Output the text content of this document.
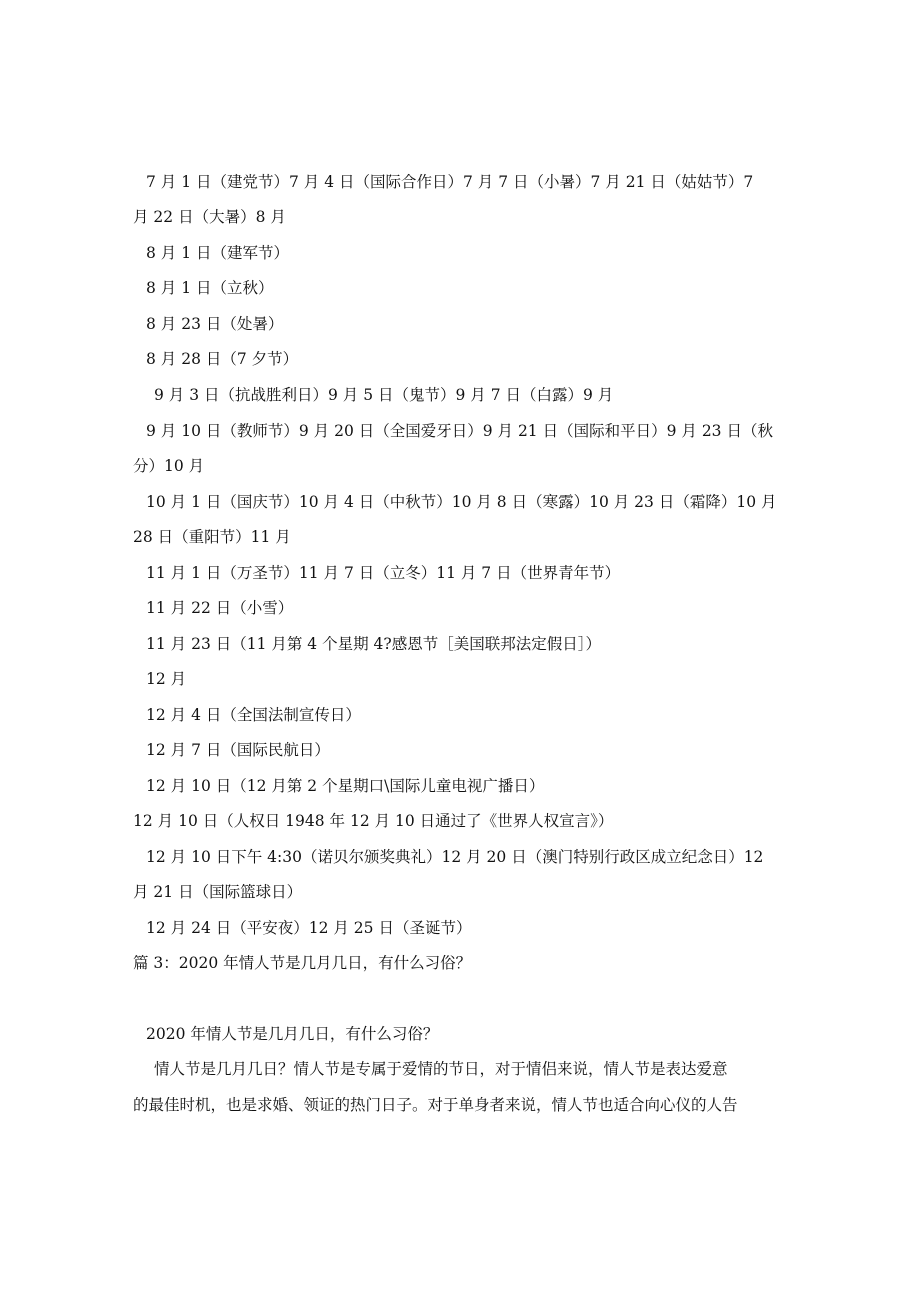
7 月 1 日（建党节）7 月 4 日（国际合作日）7 月 7 日（小暑）7 月 21 日（姑姑节）7
月 22 日（大暑）8 月
8 月 1 日（建军节）
8 月 1 日（立秋）
8 月 23 日（处暑）
8 月 28 日（7 夕节）
9 月 3 日（抗战胜利日）9 月 5 日（鬼节）9 月 7 日（白露）9 月
9 月 10 日（教师节）9 月 20 日（全国爱牙日）9 月 21 日（国际和平日）9 月 23 日（秋
分）10 月
10 月 1 日（国庆节）10 月 4 日（中秋节）10 月 8 日（寒露）10 月 23 日（霜降）10 月
28 日（重阳节）11 月
11 月 1 日（万圣节）11 月 7 日（立冬）11 月 7 日（世界青年节）
11 月 22 日（小雪）
11 月 23 日（11 月第 4 个星期 4?感恩节［美国联邦法定假日］）
12 月
12 月 4 日（全国法制宣传日）
12 月 7 日（国际民航日）
12 月 10 日（12 月第 2 个星期口\国际儿童电视广播日）
12 月 10 日（人权日 1948 年 12 月 10 日通过了《世界人权宣言》）
12 月 10 日下午 4:30（诺贝尔颁奖典礼）12 月 20 日（澳门特别行政区成立纪念日）12
月 21 日（国际篮球日）
12 月 24 日（平安夜）12 月 25 日（圣诞节）
篇 3：2020 年情人节是几月几日，有什么习俗？
2020 年情人节是几月几日，有什么习俗？
情人节是几月几日？情人节是专属于爱情的节日，对于情侣来说，情人节是表达爱意
的最佳时机，也是求婚、领证的热门日子。对于单身者来说，情人节也适合向心仪的人告
